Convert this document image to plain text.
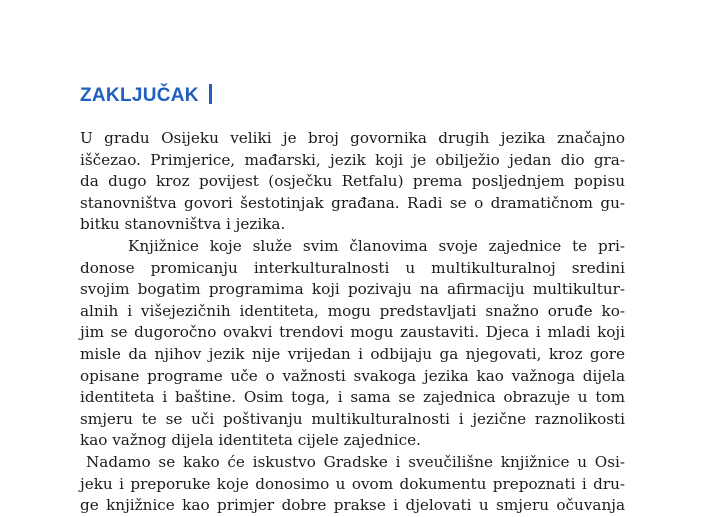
ZAKLJUČAK
U gradu Osijeku veliki je broj govornika drugih jezika značajno
iščezao. Primjerice, mađarski, jezik koji je obilježio jedan dio gra-
da dugo kroz povijest (osječku Retfalu) prema posljednjem popisu
stanovništva govori šestotinjak građana. Radi se o dramatičnom gu-
bitku stanovništva i jezika.
Knjižnice koje služe svim članovima svoje zajednice te pri-
donose promicanju interkulturalnosti u multikulturalnoj sredini
svojim bogatim programima koji pozivaju na afirmaciju multikultur-
alnih i višejezičnih identiteta, mogu predstavljati snažno oruđe ko-
jim se dugoročno ovakvi trendovi mogu zaustaviti. Djeca i mladi koji
misle da njihov jezik nije vrijedan i odbijaju ga njegovati, kroz gore
opisane programe uče o važnosti svakoga jezika kao važnoga dijela
identiteta i baštine. Osim toga, i sama se zajednica obrazuje u tom
smjeru te se uči poštivanju multikulturalnosti i jezične raznolikosti
kao važnog dijela identiteta cijele zajednice.
Nadamo se kako će iskustvo Gradske i sveučilišne knjižnice u Osi-
jeku i preporuke koje donosimo u ovom dokumentu prepoznati i dru-
ge knjižnice kao primjer dobre prakse i djelovati u smjeru očuvanja
